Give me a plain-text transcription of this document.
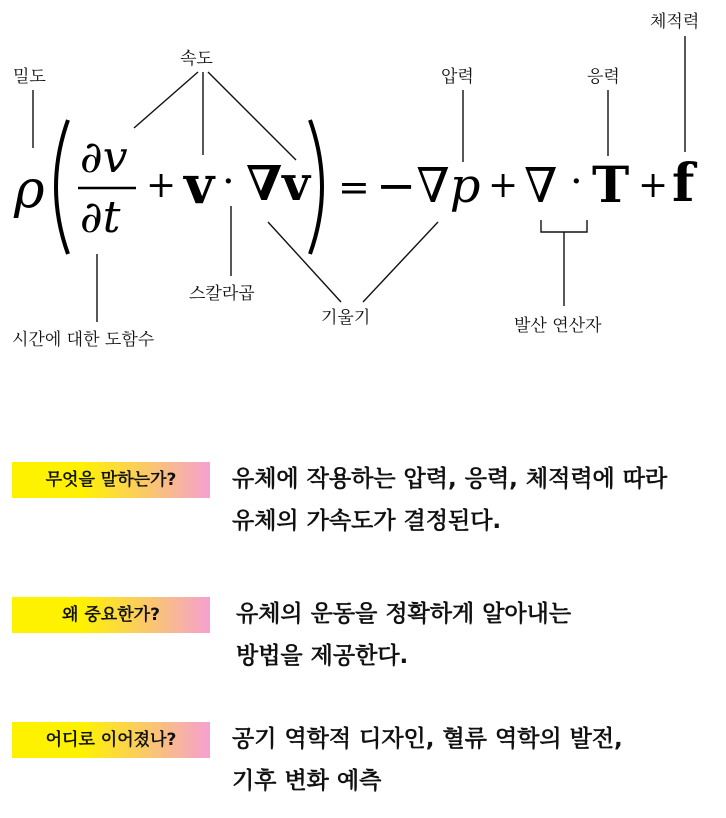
밀도
속도
압력	응력
체적력
시간에 대한 도함수
스칼라곱
기울기	발산 연산자
ρ
∂v
∂t
+ v · ∇v = −∇p + ∇ · T + f
무엇을 말하는가?	유체에 작용하는 압력, 응력, 체적력에 따라
유체의 가속도가 결정된다.
왜 중요한가?	유체의 운동을 정확하게 알아내는
방법을 제공한다.
어디로 이어졌나?	공기 역학적 디자인, 혈류 역학의 발전,
기후 변화 예측
